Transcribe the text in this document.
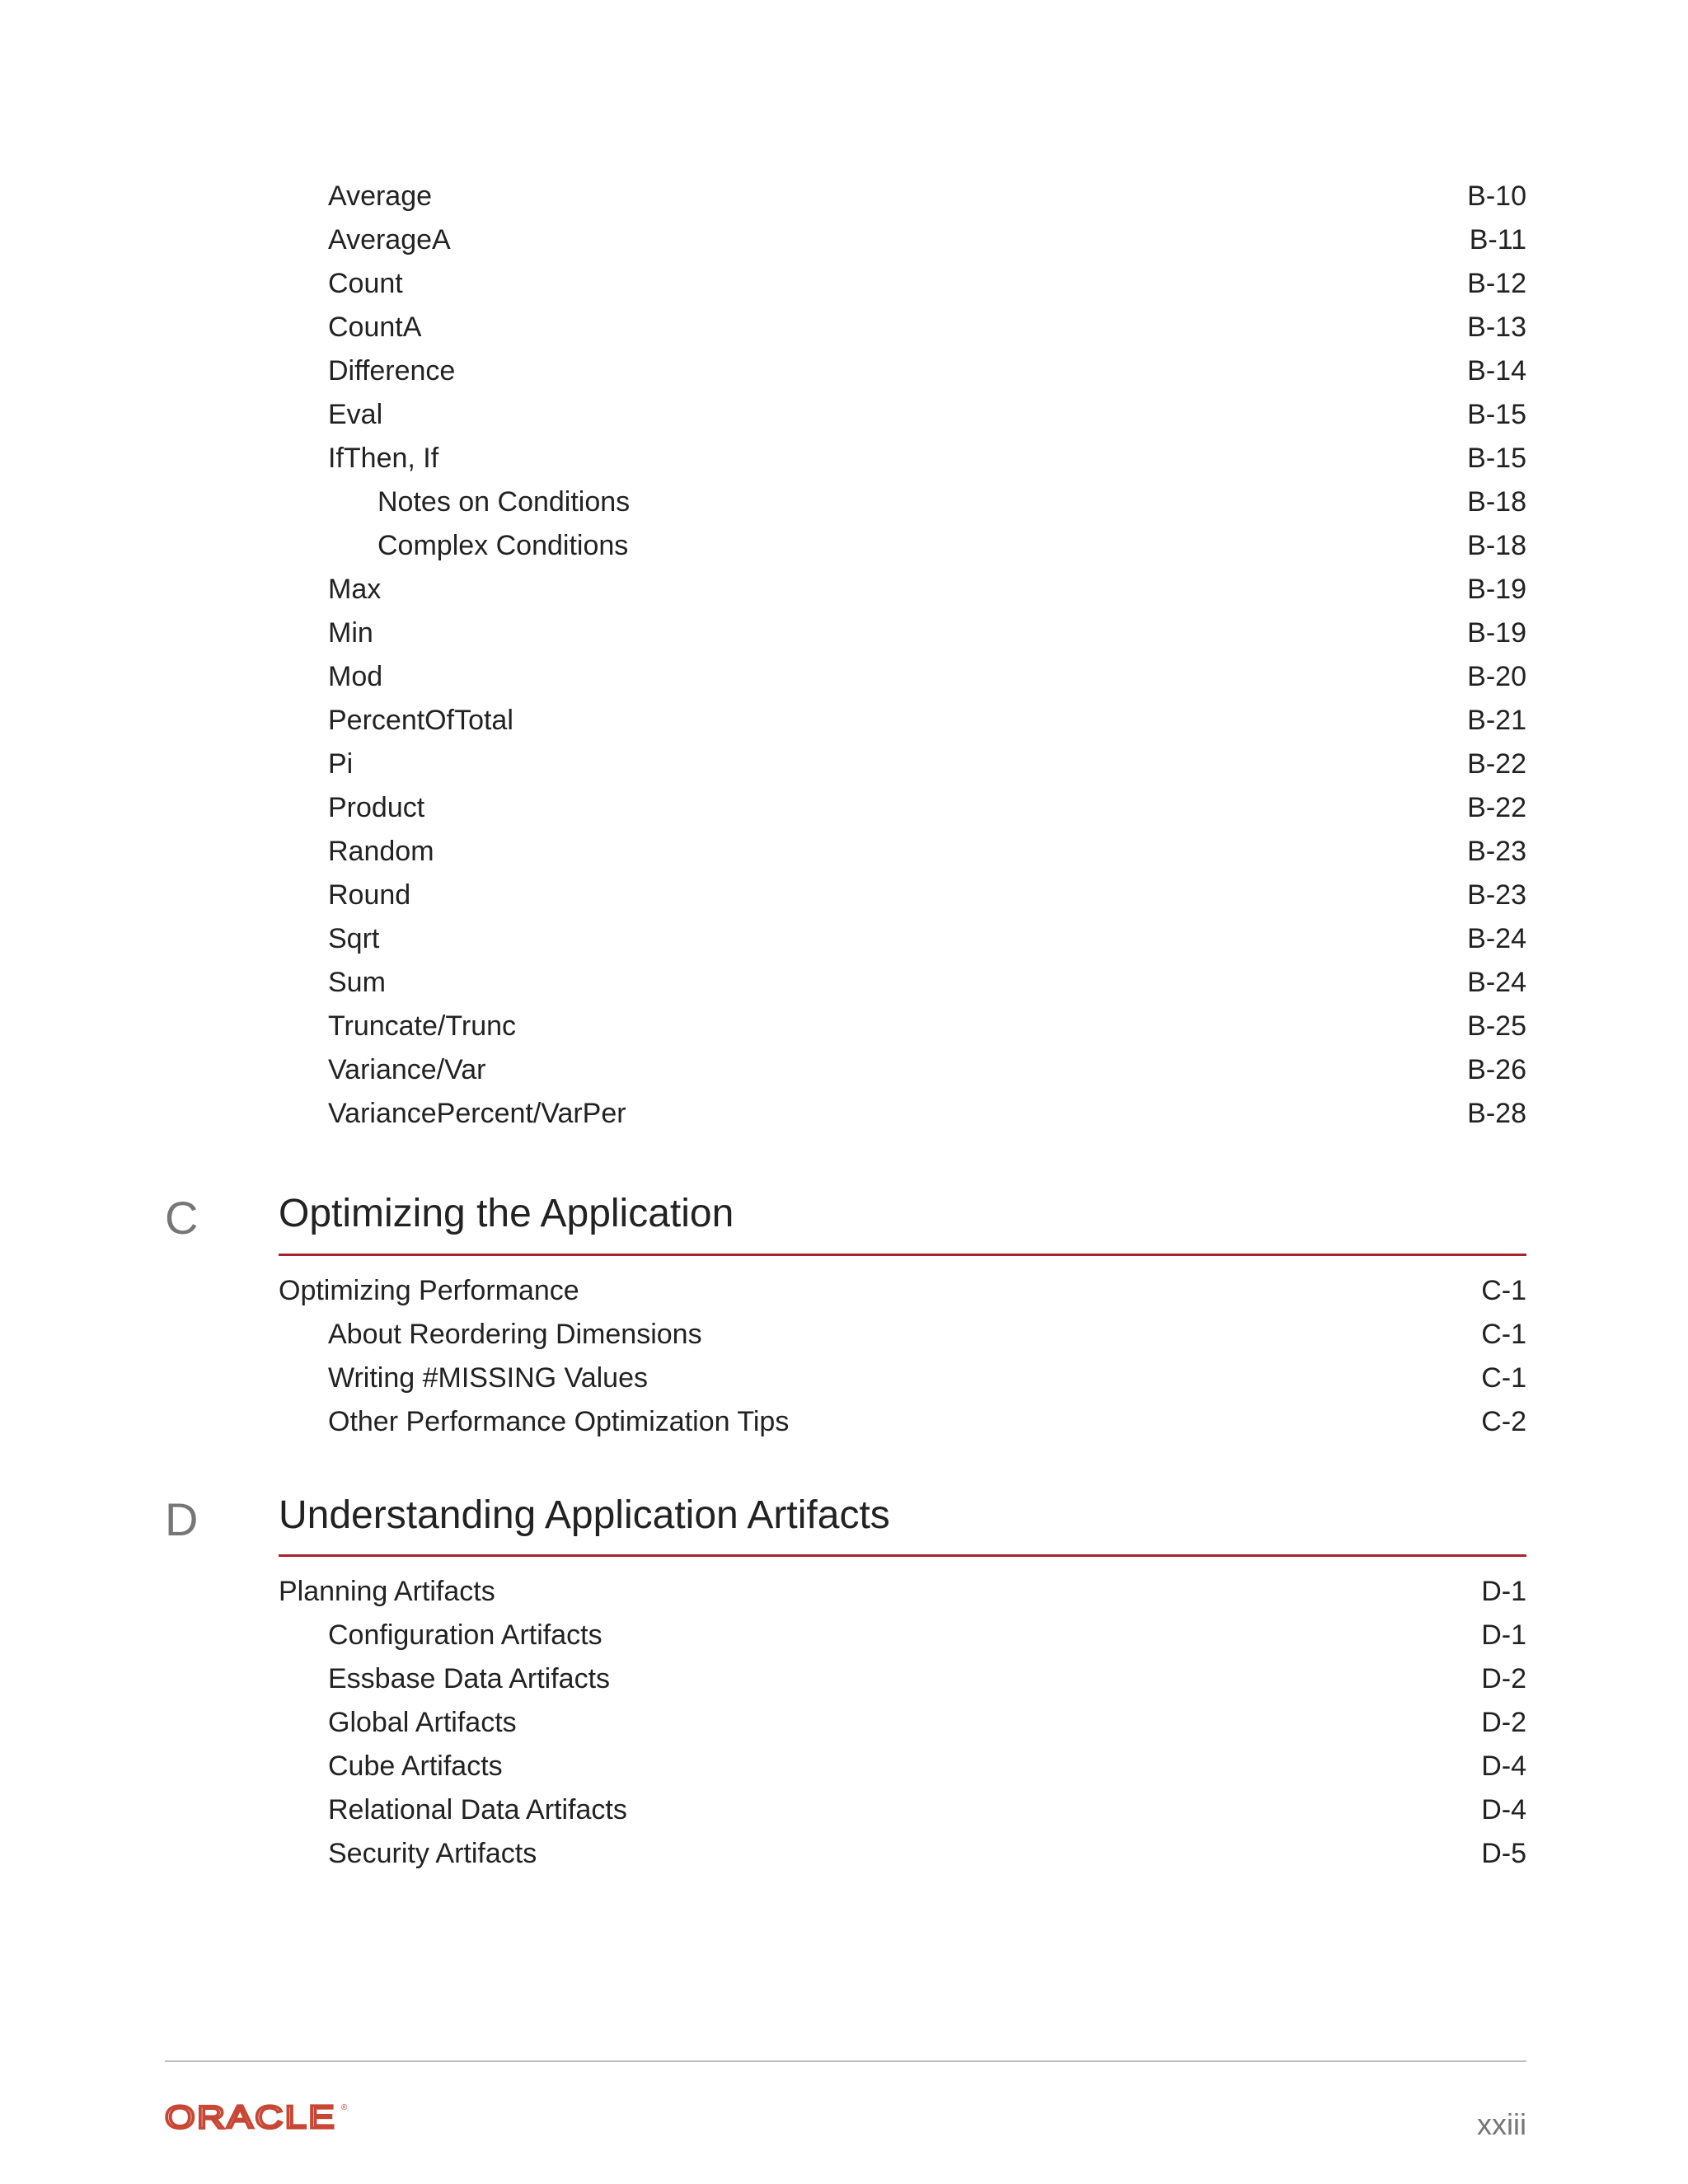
Average	B-10
AverageA	B-11
Count	B-12
CountA	B-13
Difference	B-14
Eval	B-15
IfThen, If	B-15
Notes on Conditions	B-18
Complex Conditions	B-18
Max	B-19
Min	B-19
Mod	B-20
PercentOfTotal	B-21
Pi	B-22
Product	B-22
Random	B-23
Round	B-23
Sqrt	B-24
Sum	B-24
Truncate/Trunc	B-25
Variance/Var	B-26
VariancePercent/VarPer	B-28
C Optimizing the Application
Optimizing Performance	C-1
About Reordering Dimensions	C-1
Writing #MISSING Values	C-1
Other Performance Optimization Tips	C-2
D Understanding Application Artifacts
Planning Artifacts	D-1
Configuration Artifacts	D-1
Essbase Data Artifacts	D-2
Global Artifacts	D-2
Cube Artifacts	D-4
Relational Data Artifacts	D-4
Security Artifacts	D-5
ORACLE ®	xxiii
